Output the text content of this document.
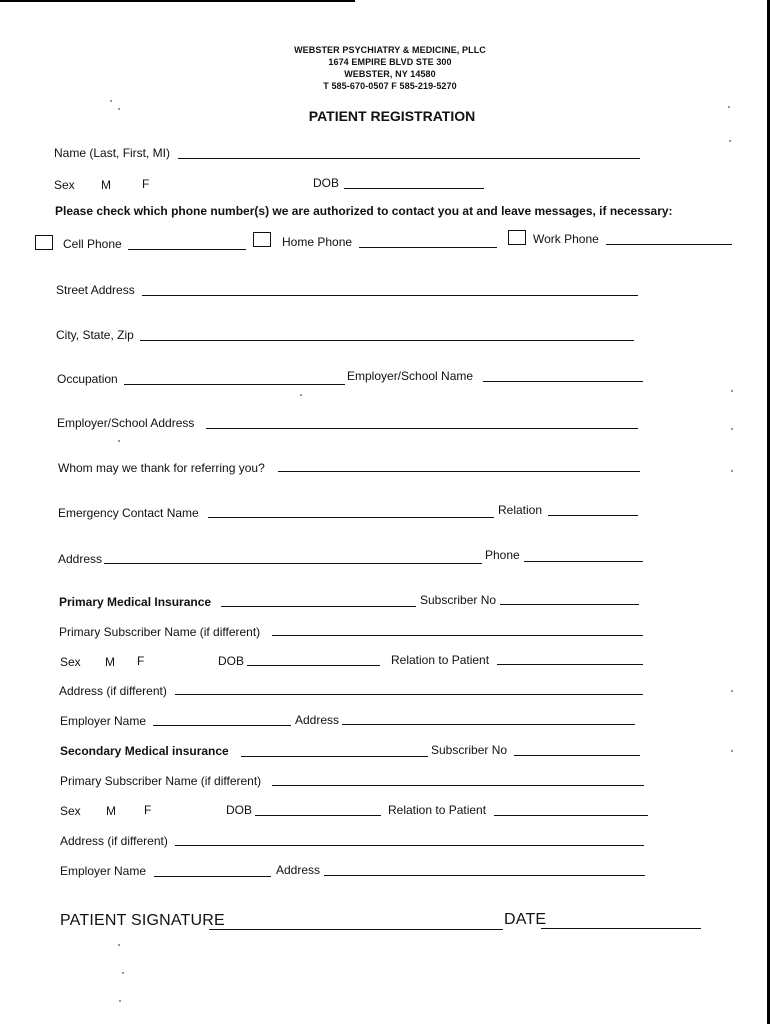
WEBSTER PSYCHIATRY & MEDICINE, PLLC
1674 EMPIRE BLVD STE 300
WEBSTER, NY 14580
T 585-670-0507 F 585-219-5270
PATIENT REGISTRATION
Name (Last, First, MI)
Sex M	F	DOB
Please check which phone number(s) we are authorized to contact you at and leave messages, if necessary:
Cell Phone	Home Phone	Work Phone
Street Address
City, State, Zip
Occupation	Employer/School Name
Employer/School Address
Whom may we thank for referring you?
Emergency Contact Name	Relation
Address	Phone
Primary Medical Insurance	Subscriber No
Primary Subscriber Name (if different)
Sex M F	DOB	Relation to Patient
Address (if different)
Employer Name	Address
Secondary Medical insurance	Subscriber No
Primary Subscriber Name (if different)
Sex M F	DOB	Relation to Patient
Address (if different)
Employer Name	Address
PATIENT SIGNATURE	DATE
